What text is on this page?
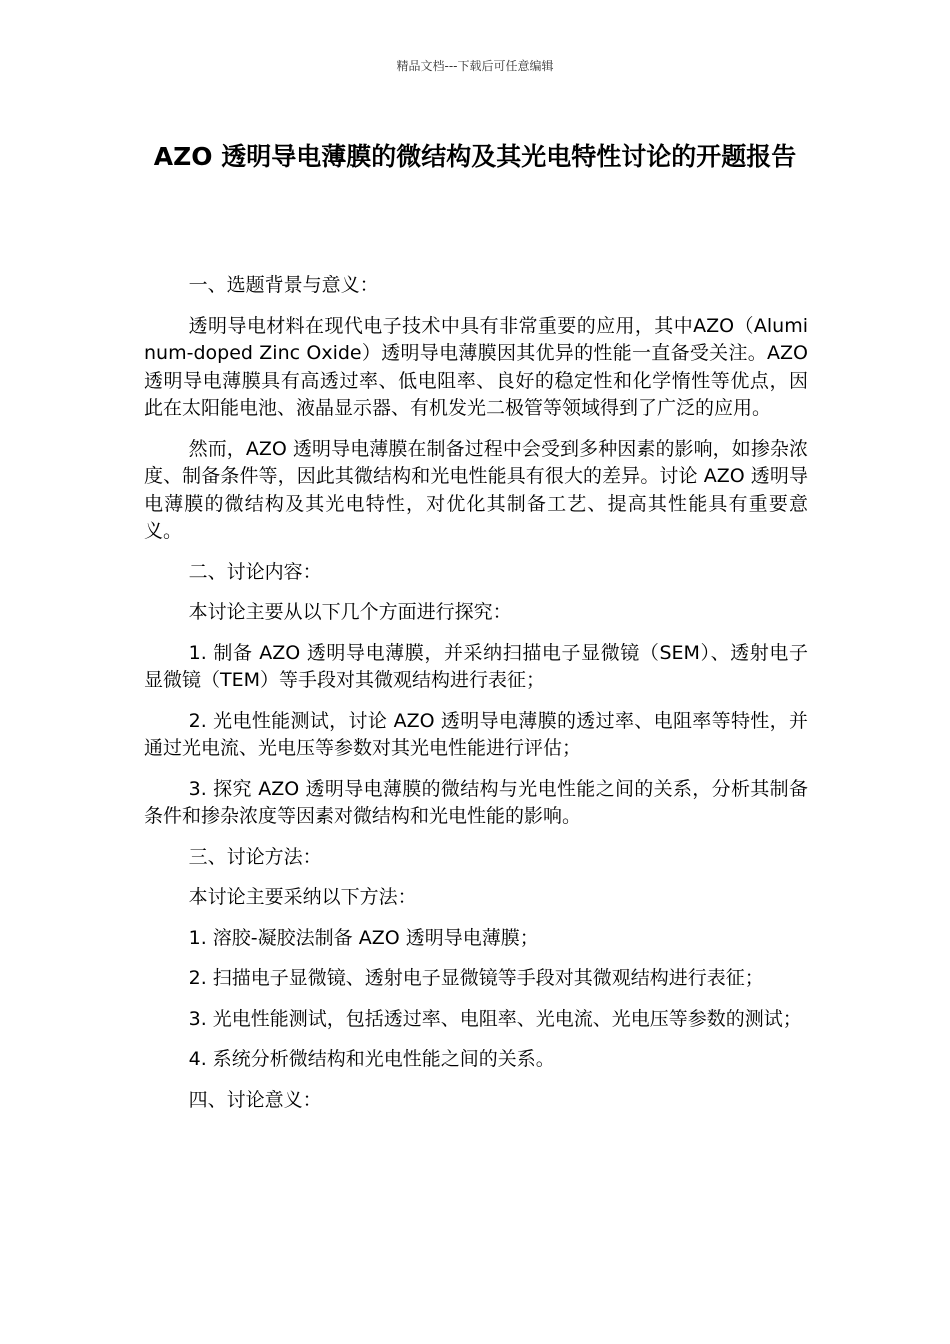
精品文档---下载后可任意编辑
AZO 透明导电薄膜的微结构及其光电特性讨论的开题报告

一、选题背景与意义：

透明导电材料在现代电子技术中具有非常重要的应用，其中AZO（Aluminum-doped Zinc Oxide）透明导电薄膜因其优异的性能一直备受关注。AZO 透明导电薄膜具有高透过率、低电阻率、良好的稳定性和化学惰性等优点，因此在太阳能电池、液晶显示器、有机发光二极管等领域得到了广泛的应用。

然而，AZO 透明导电薄膜在制备过程中会受到多种因素的影响，如掺杂浓度、制备条件等，因此其微结构和光电性能具有很大的差异。讨论 AZO 透明导电薄膜的微结构及其光电特性，对优化其制备工艺、提高其性能具有重要意义。

二、讨论内容：

本讨论主要从以下几个方面进行探究：

1. 制备 AZO 透明导电薄膜，并采纳扫描电子显微镜（SEM）、透射电子显微镜（TEM）等手段对其微观结构进行表征；

2. 光电性能测试，讨论 AZO 透明导电薄膜的透过率、电阻率等特性，并通过光电流、光电压等参数对其光电性能进行评估；

3. 探究 AZO 透明导电薄膜的微结构与光电性能之间的关系，分析其制备条件和掺杂浓度等因素对微结构和光电性能的影响。

三、讨论方法：

本讨论主要采纳以下方法：

1. 溶胶-凝胶法制备 AZO 透明导电薄膜；

2. 扫描电子显微镜、透射电子显微镜等手段对其微观结构进行表征；

3. 光电性能测试，包括透过率、电阻率、光电流、光电压等参数的测试；

4. 系统分析微结构和光电性能之间的关系。

四、讨论意义：
